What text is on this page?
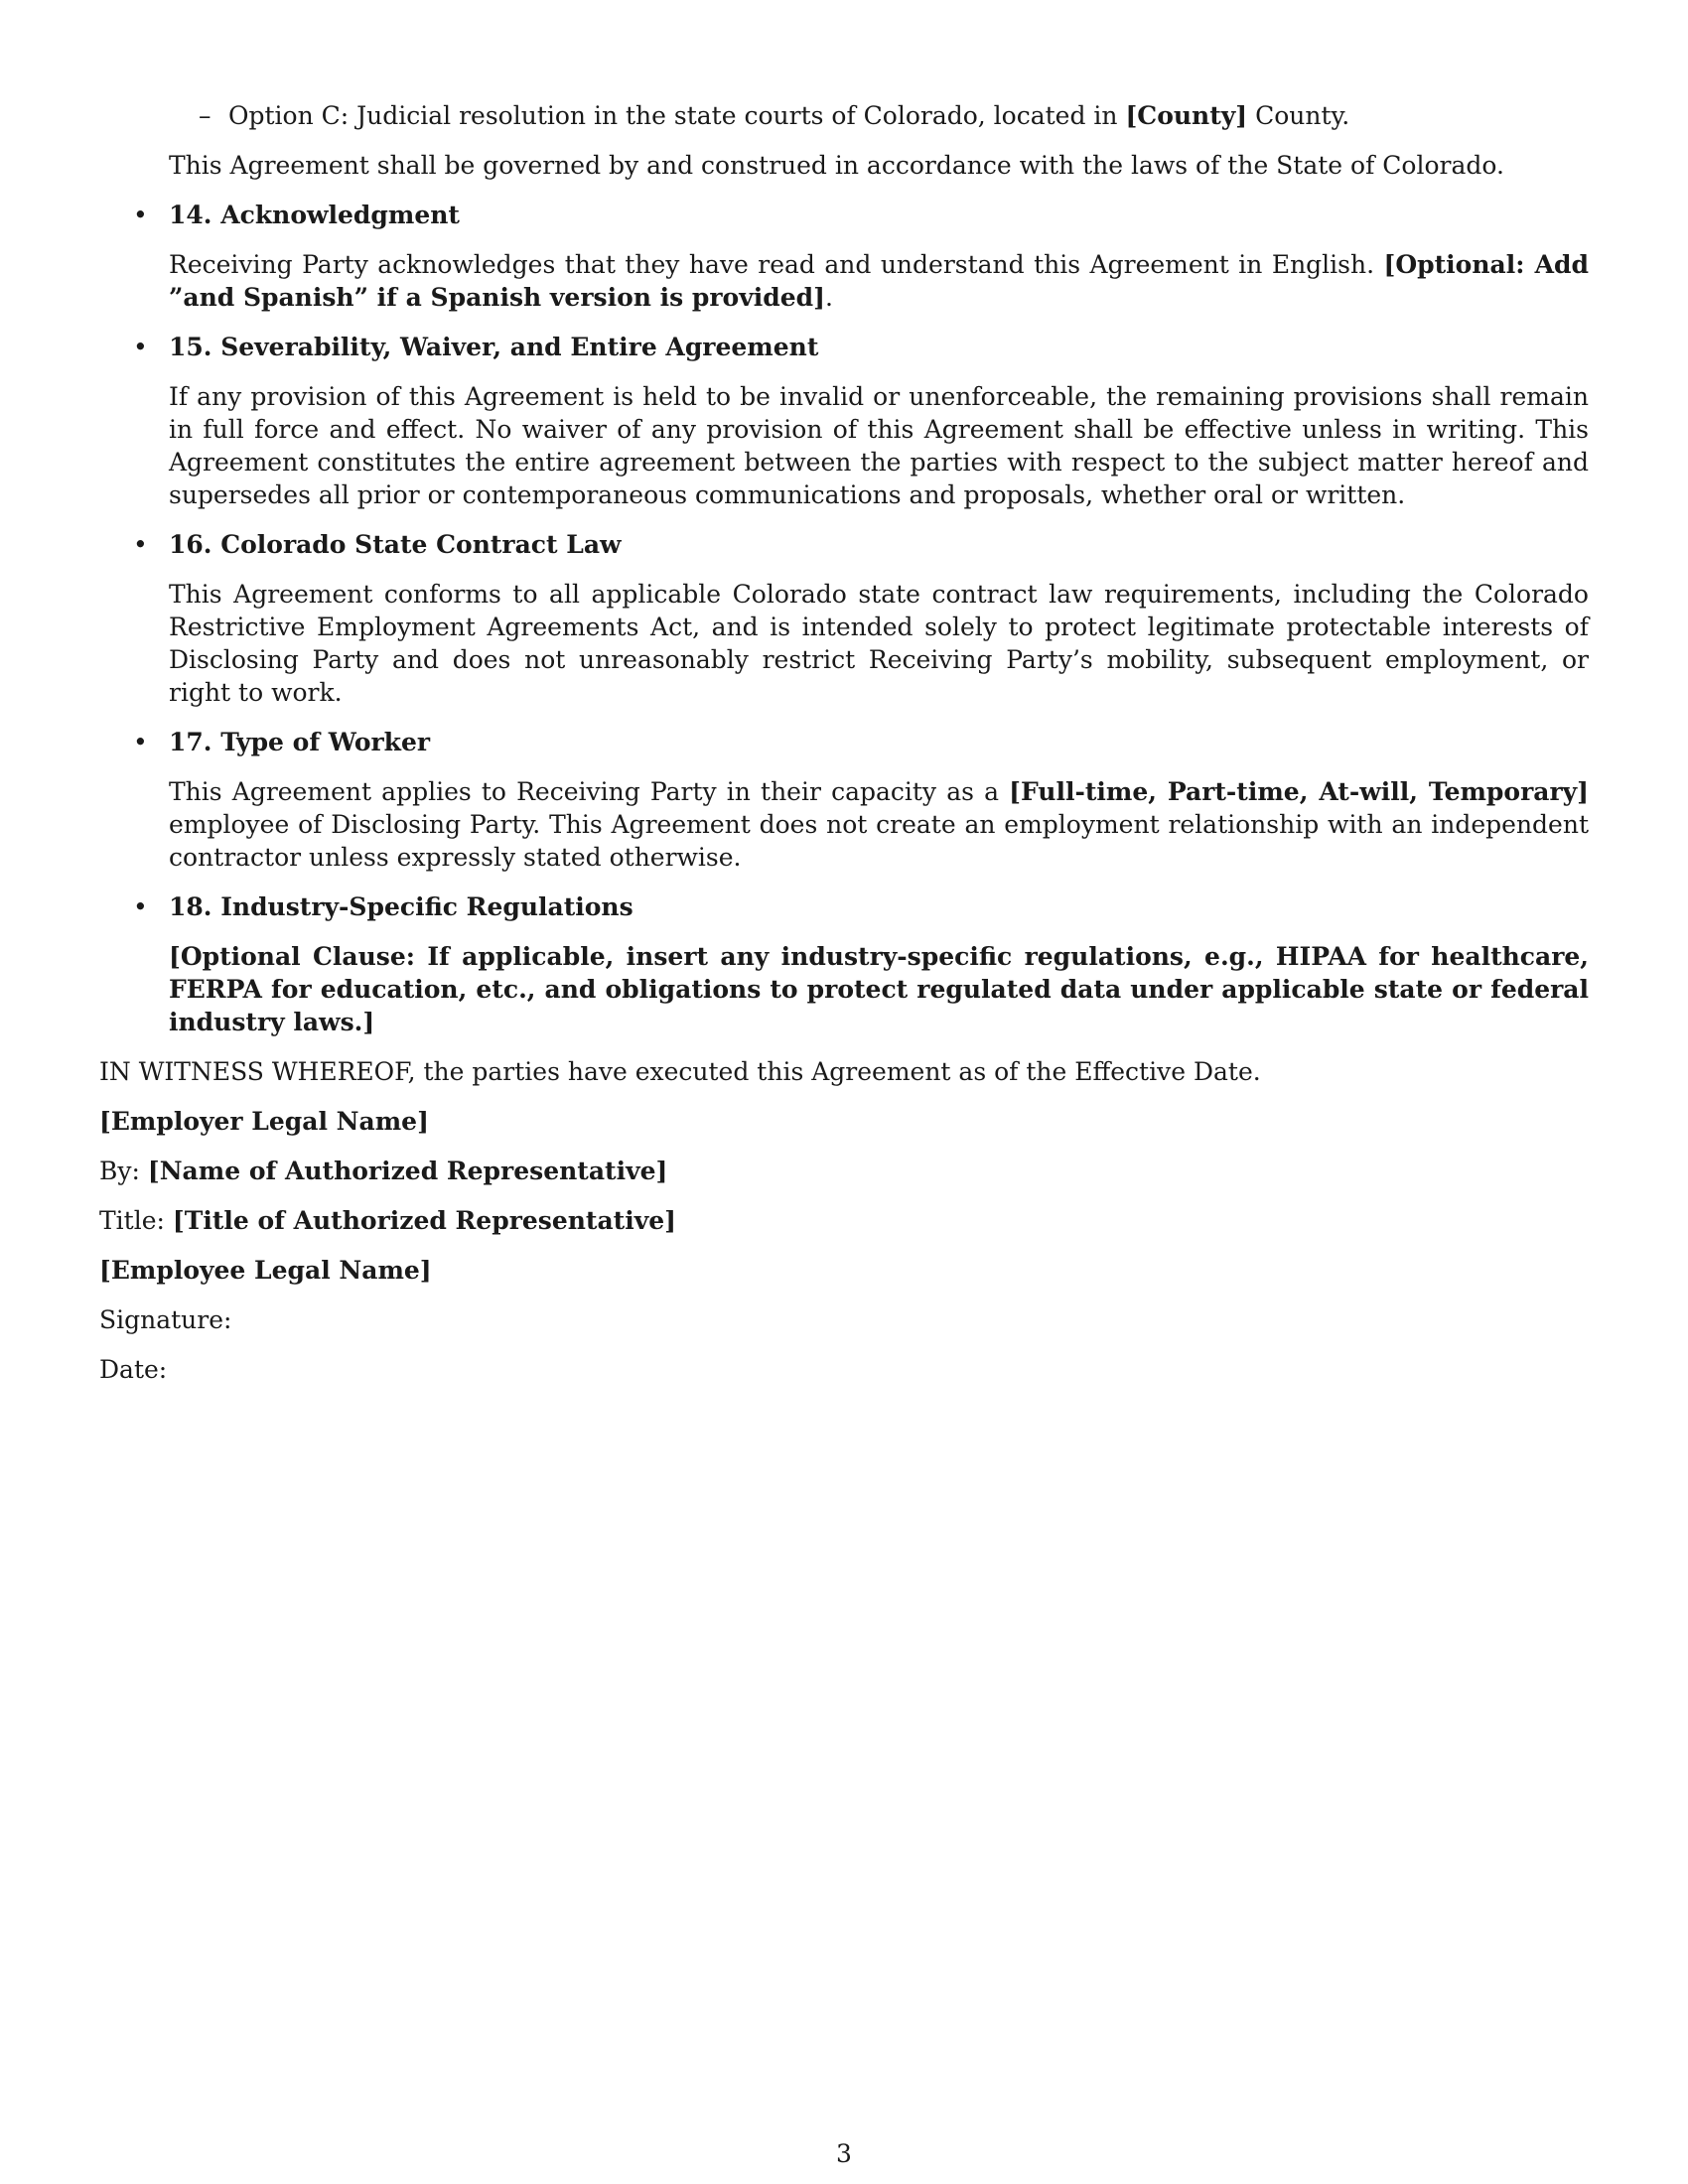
– Option C: Judicial resolution in the state courts of Colorado, located in [County] County.

This Agreement shall be governed by and construed in accordance with the laws of the State of Colorado.

• 14. Acknowledgment

Receiving Party acknowledges that they have read and understand this Agreement in English. [Optional: Add ”and Spanish” if a Spanish version is provided].

• 15. Severability, Waiver, and Entire Agreement

If any provision of this Agreement is held to be invalid or unenforceable, the remaining provisions shall remain in full force and effect. No waiver of any provision of this Agreement shall be effective unless in writing. This Agreement constitutes the entire agreement between the parties with respect to the subject matter hereof and supersedes all prior or contemporaneous communications and proposals, whether oral or written.

• 16. Colorado State Contract Law

This Agreement conforms to all applicable Colorado state contract law requirements, including the Colorado Restrictive Employment Agreements Act, and is intended solely to protect legitimate protectable interests of Disclosing Party and does not unreasonably restrict Receiving Party’s mobility, subsequent employment, or right to work.

• 17. Type of Worker

This Agreement applies to Receiving Party in their capacity as a [Full-time, Part-time, At-will, Temporary] employee of Disclosing Party. This Agreement does not create an employment relationship with an independent contractor unless expressly stated otherwise.

• 18. Industry-Specific Regulations

[Optional Clause: If applicable, insert any industry-specific regulations, e.g., HIPAA for healthcare, FERPA for education, etc., and obligations to protect regulated data under applicable state or federal industry laws.]

IN WITNESS WHEREOF, the parties have executed this Agreement as of the Effective Date.

[Employer Legal Name]

By: [Name of Authorized Representative]

Title: [Title of Authorized Representative]

[Employee Legal Name]

Signature:

Date:

3
